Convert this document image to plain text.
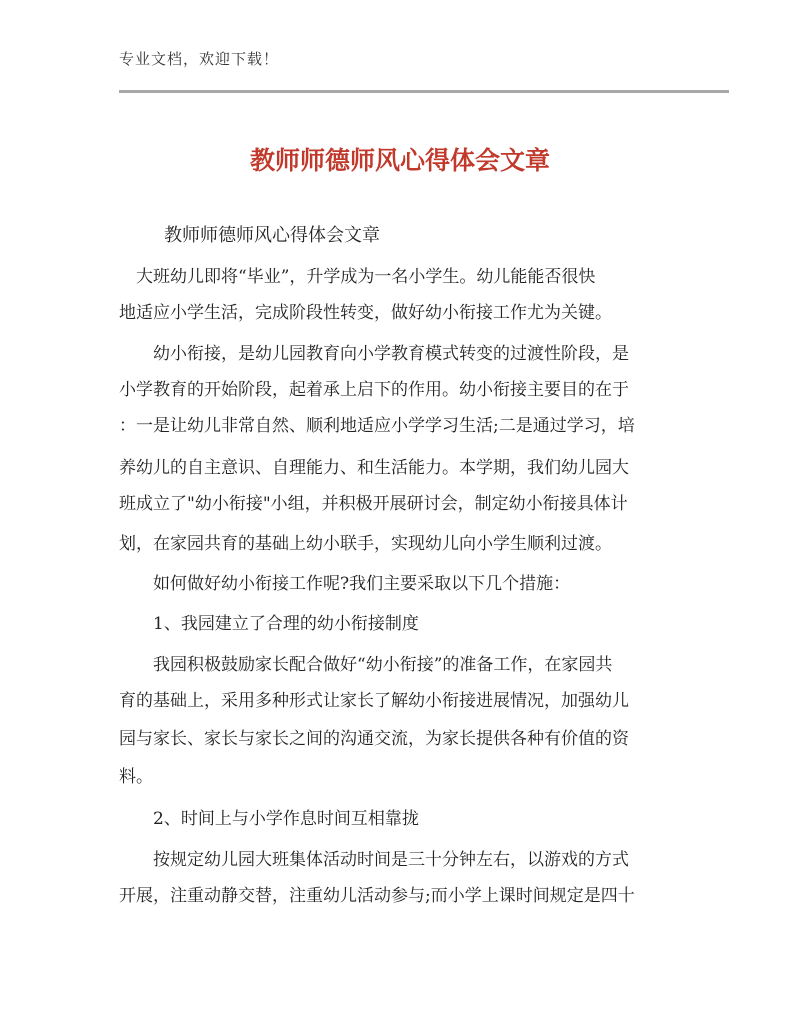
专业文档，欢迎下载！
教师师德师风心得体会文章
教师师德师风心得体会文章
　大班幼儿即将“毕业”，升学成为一名小学生。幼儿能能否很快
地适应小学生活，完成阶段性转变，做好幼小衔接工作尤为关键。
　　幼小衔接，是幼儿园教育向小学教育模式转变的过渡性阶段，是
小学教育的开始阶段，起着承上启下的作用。幼小衔接主要目的在于
：一是让幼儿非常自然、顺利地适应小学学习生活;二是通过学习，培
养幼儿的自主意识、自理能力、和生活能力。本学期，我们幼儿园大
班成立了"幼小衔接"小组，并积极开展研讨会，制定幼小衔接具体计
划，在家园共育的基础上幼小联手，实现幼儿向小学生顺利过渡。
　　如何做好幼小衔接工作呢?我们主要采取以下几个措施：
　　1、我园建立了合理的幼小衔接制度
　　我园积极鼓励家长配合做好“幼小衔接”的准备工作，在家园共
育的基础上，采用多种形式让家长了解幼小衔接进展情况，加强幼儿
园与家长、家长与家长之间的沟通交流，为家长提供各种有价值的资
料。
　　2、时间上与小学作息时间互相靠拢
　　按规定幼儿园大班集体活动时间是三十分钟左右，以游戏的方式
开展，注重动静交替，注重幼儿活动参与;而小学上课时间规定是四十
